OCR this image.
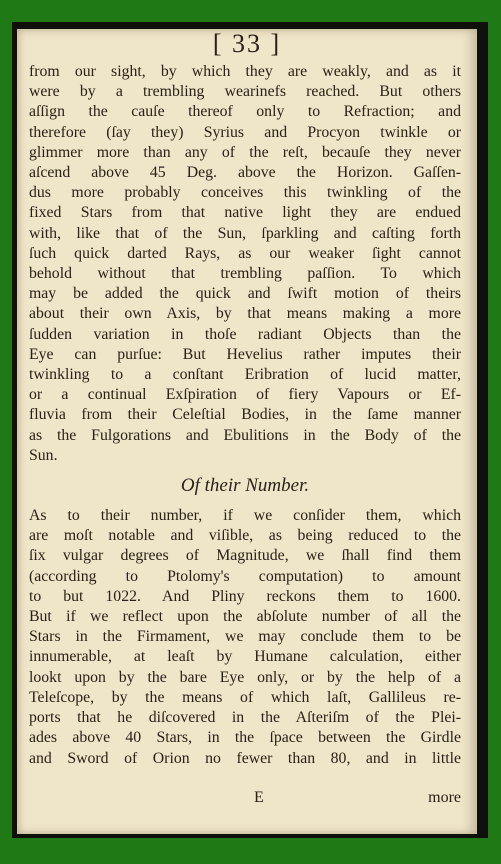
[ 33 ]
from our sight, by which they are weakly, and as it
were by a trembling wearinefs reached. But others
aſſign the cauſe thereof only to Refraction; and
therefore (ſay they) Syrius and Procyon twinkle or
glimmer more than any of the reſt, becauſe they never
aſcend above 45 Deg. above the Horizon. Gaſſen-
dus more probably conceives this twinkling of the
fixed Stars from that native light they are endued
with, like that of the Sun, ſparkling and caſting forth
ſuch quick darted Rays, as our weaker ſight cannot
behold without that trembling paſſion. To which
may be added the quick and ſwift motion of theirs
about their own Axis, by that means making a more
ſudden variation in thoſe radiant Objects than the
Eye can purſue: But Hevelius rather imputes their
twinkling to a conſtant Eribration of lucid matter,
or a continual Exſpiration of fiery Vapours or Ef-
fluvia from their Celeſtial Bodies, in the ſame manner
as the Fulgorations and Ebulitions in the Body of the
Sun.
Of their Number.
As to their number, if we conſider them, which
are moſt notable and viſible, as being reduced to the
ſix vulgar degrees of Magnitude, we ſhall find them
(according to Ptolomy's computation) to amount
to but 1022. And Pliny reckons them to 1600.
But if we reflect upon the abſolute number of all the
Stars in the Firmament, we may conclude them to be
innumerable, at leaſt by Humane calculation, either
lookt upon by the bare Eye only, or by the help of a
Teleſcope, by the means of which laſt, Gallileus re-
ports that he diſcovered in the Aſteriſm of the Plei-
ades above 40 Stars, in the ſpace between the Girdle
and Sword of Orion no fewer than 80, and in little
E	more
